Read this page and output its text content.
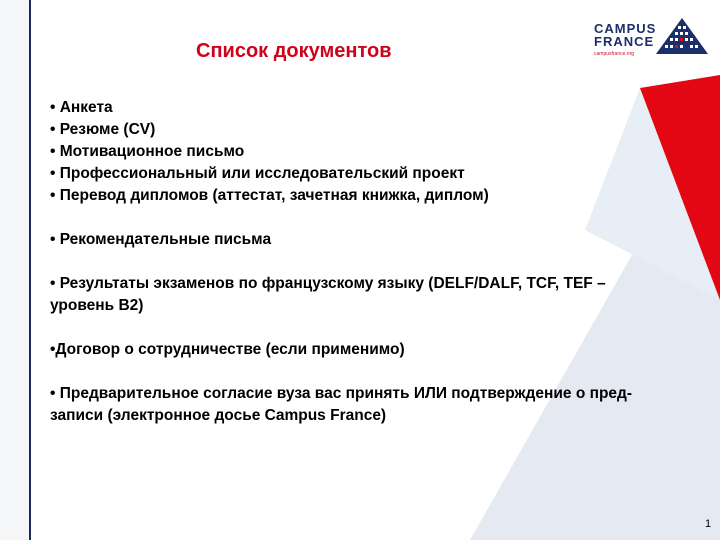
CAMPUS
FRANCE
campusfrance.org
Список документов
• Анкета
• Резюме (CV)
• Мотивационное письмо
• Профессиональный или исследовательский проект
• Перевод дипломов (аттестат, зачетная книжка, диплом)
• Рекомендательные письма
• Результаты экзаменов по французскому языку (DELF/DALF, TCF, TEF – уровень B2)
•Договор о сотрудничестве (если применимо)
• Предварительное согласие вуза вас принять ИЛИ подтверждение о пред-записи (электронное досье Campus France)
1
